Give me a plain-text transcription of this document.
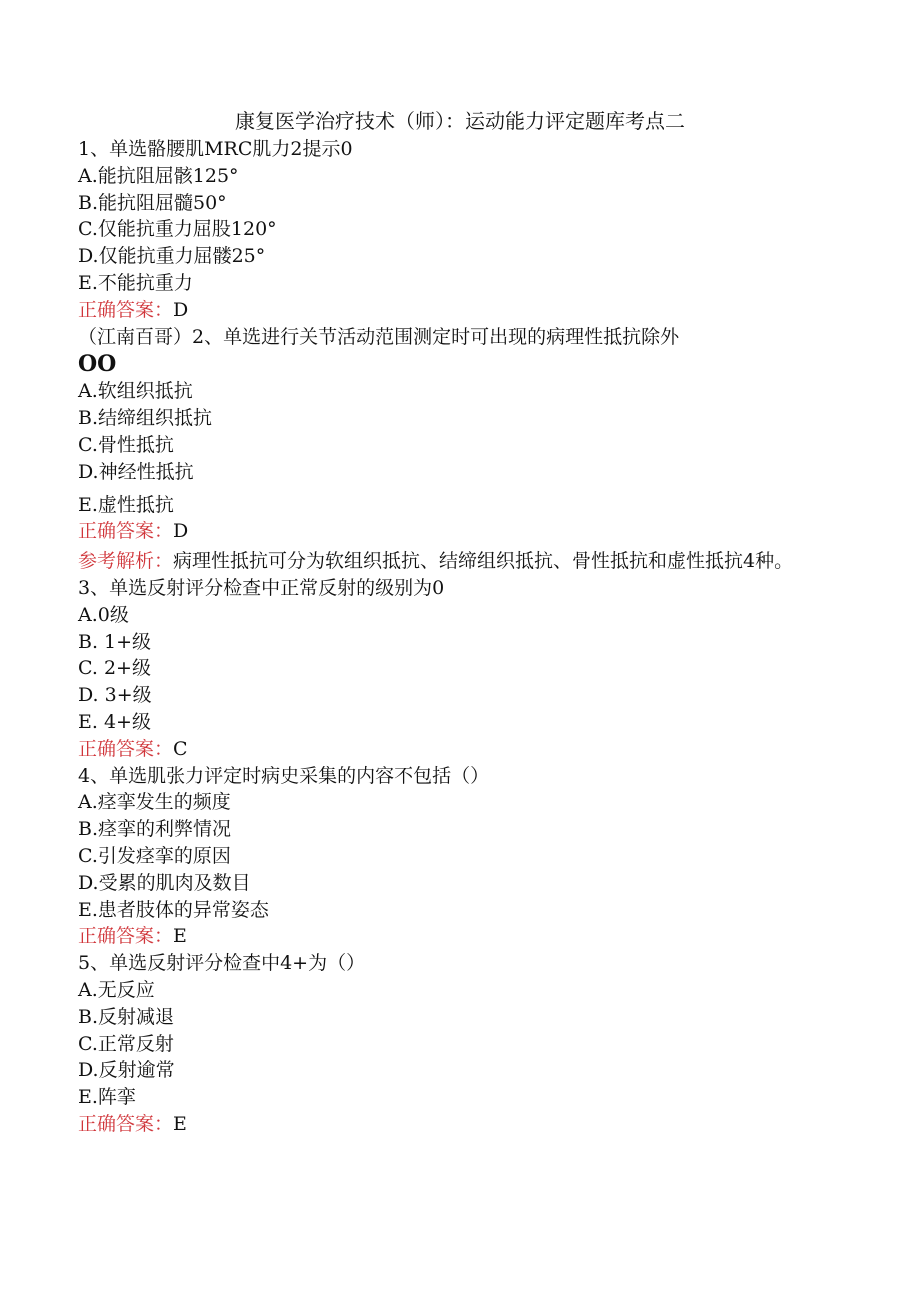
康复医学治疗技术（师）：运动能力评定题库考点二
1、单选骼腰肌MRC肌力2提示0
A.能抗阻屈骸125°
B.能抗阻屈髓50°
C.仅能抗重力屈股120°
D.仅能抗重力屈髅25°
E.不能抗重力
正确答案：D
（江南百哥）2、单选进行关节活动范围测定时可出现的病理性抵抗除外
OO
A.软组织抵抗
B.结缔组织抵抗
C.骨性抵抗
D.神经性抵抗
E.虚性抵抗
正确答案：D
参考解析：病理性抵抗可分为软组织抵抗、结缔组织抵抗、骨性抵抗和虚性抵抗4种。
3、单选反射评分检查中正常反射的级别为0
A.0级
B. 1+级
C. 2+级
D. 3+级
E. 4+级
正确答案：C
4、单选肌张力评定时病史采集的内容不包括（）
A.痉挛发生的频度
B.痉挛的利弊情况
C.引发痉挛的原因
D.受累的肌肉及数目
E.患者肢体的异常姿态
正确答案：E
5、单选反射评分检查中4+为（）
A.无反应
B.反射减退
C.正常反射
D.反射逾常
E.阵挛
正确答案：E
